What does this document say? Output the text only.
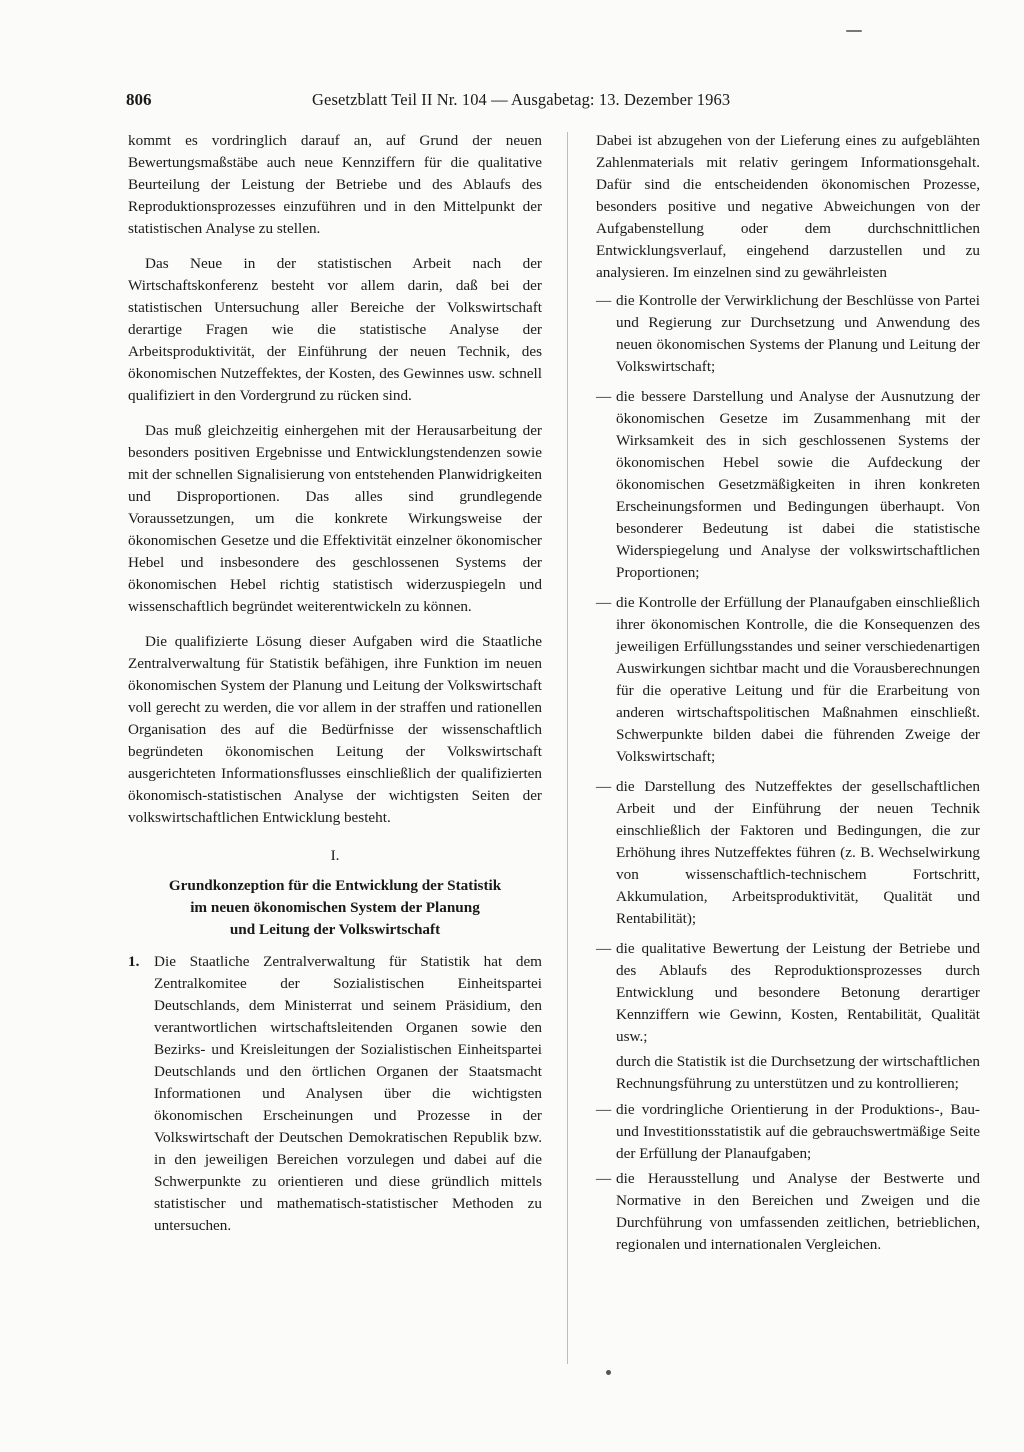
806	Gesetzblatt Teil II Nr. 104 — Ausgabetag: 13. Dezember 1963

kommt es vordringlich darauf an, auf Grund der neuen Bewertungsmaßstäbe auch neue Kennziffern für die qualitative Beurteilung der Leistung der Betriebe und des Ablaufs des Reproduktionsprozesses einzuführen und in den Mittelpunkt der statistischen Analyse zu stellen.

Das Neue in der statistischen Arbeit nach der Wirtschaftskonferenz besteht vor allem darin, daß bei der statistischen Untersuchung aller Bereiche der Volkswirtschaft derartige Fragen wie die statistische Analyse der Arbeitsproduktivität, der Einführung der neuen Technik, des ökonomischen Nutzeffektes, der Kosten, des Gewinnes usw. schnell qualifiziert in den Vordergrund zu rücken sind.

Das muß gleichzeitig einhergehen mit der Herausarbeitung der besonders positiven Ergebnisse und Entwicklungstendenzen sowie mit der schnellen Signalisierung von entstehenden Planwidrigkeiten und Disproportionen. Das alles sind grundlegende Voraussetzungen, um die konkrete Wirkungsweise der ökonomischen Gesetze und die Effektivität einzelner ökonomischer Hebel und insbesondere des geschlossenen Systems der ökonomischen Hebel richtig statistisch widerzuspiegeln und wissenschaftlich begründet weiterentwickeln zu können.

Die qualifizierte Lösung dieser Aufgaben wird die Staatliche Zentralverwaltung für Statistik befähigen, ihre Funktion im neuen ökonomischen System der Planung und Leitung der Volkswirtschaft voll gerecht zu werden, die vor allem in der straffen und rationellen Organisation des auf die Bedürfnisse der wissenschaftlich begründeten ökonomischen Leitung der Volkswirtschaft ausgerichteten Informationsflusses einschließlich der qualifizierten ökonomisch-statistischen Analyse der wichtigsten Seiten der volkswirtschaftlichen Entwicklung besteht.

I.
Grundkonzeption für die Entwicklung der Statistik
im neuen ökonomischen System der Planung
und Leitung der Volkswirtschaft
1. Die Staatliche Zentralverwaltung für Statistik hat dem Zentralkomitee der Sozialistischen Einheitspartei Deutschlands, dem Ministerrat und seinem Präsidium, den verantwortlichen wirtschaftsleitenden Organen sowie den Bezirks- und Kreisleitungen der Sozialistischen Einheitspartei Deutschlands und den örtlichen Organen der Staatsmacht Informationen und Analysen über die wichtigsten ökonomischen Erscheinungen und Prozesse in der Volkswirtschaft der Deutschen Demokratischen Republik bzw. in den jeweiligen Bereichen vorzulegen und dabei auf die Schwerpunkte zu orientieren und diese gründlich mittels statistischer und mathematisch-statistischer Methoden zu untersuchen.

Dabei ist abzugehen von der Lieferung eines zu aufgeblähten Zahlenmaterials mit relativ geringem Informationsgehalt. Dafür sind die entscheidenden ökonomischen Prozesse, besonders positive und negative Abweichungen von der Aufgabenstellung oder dem durchschnittlichen Entwicklungsverlauf, eingehend darzustellen und zu analysieren. Im einzelnen sind zu gewährleisten

— die Kontrolle der Verwirklichung der Beschlüsse von Partei und Regierung zur Durchsetzung und Anwendung des neuen ökonomischen Systems der Planung und Leitung der Volkswirtschaft;
— die bessere Darstellung und Analyse der Ausnutzung der ökonomischen Gesetze im Zusammenhang mit der Wirksamkeit des in sich geschlossenen Systems der ökonomischen Hebel sowie die Aufdeckung der ökonomischen Gesetzmäßigkeiten in ihren konkreten Erscheinungsformen und Bedingungen überhaupt. Von besonderer Bedeutung ist dabei die statistische Widerspiegelung und Analyse der volkswirtschaftlichen Proportionen;
— die Kontrolle der Erfüllung der Planaufgaben einschließlich ihrer ökonomischen Kontrolle, die die Konsequenzen des jeweiligen Erfüllungsstandes und seiner verschiedenartigen Auswirkungen sichtbar macht und die Vorausberechnungen für die operative Leitung und für die Erarbeitung von anderen wirtschaftspolitischen Maßnahmen einschließt. Schwerpunkte bilden dabei die führenden Zweige der Volkswirtschaft;
— die Darstellung des Nutzeffektes der gesellschaftlichen Arbeit und der Einführung der neuen Technik einschließlich der Faktoren und Bedingungen, die zur Erhöhung ihres Nutzeffektes führen (z. B. Wechselwirkung von wissenschaftlich-technischem Fortschritt, Akkumulation, Arbeitsproduktivität, Qualität und Rentabilität);
— die qualitative Bewertung der Leistung der Betriebe und des Ablaufs des Reproduktionsprozesses durch Entwicklung und besondere Betonung derartiger Kennziffern wie Gewinn, Kosten, Rentabilität, Qualität usw.;

durch die Statistik ist die Durchsetzung der wirtschaftlichen Rechnungsführung zu unterstützen und zu kontrollieren;

— die vordringliche Orientierung in der Produktions-, Bau- und Investitionsstatistik auf die gebrauchswertmäßige Seite der Erfüllung der Planaufgaben;
— die Herausstellung und Analyse der Bestwerte und Normative in den Bereichen und Zweigen und die Durchführung von umfassenden zeitlichen, betrieblichen, regionalen und internationalen Vergleichen.
